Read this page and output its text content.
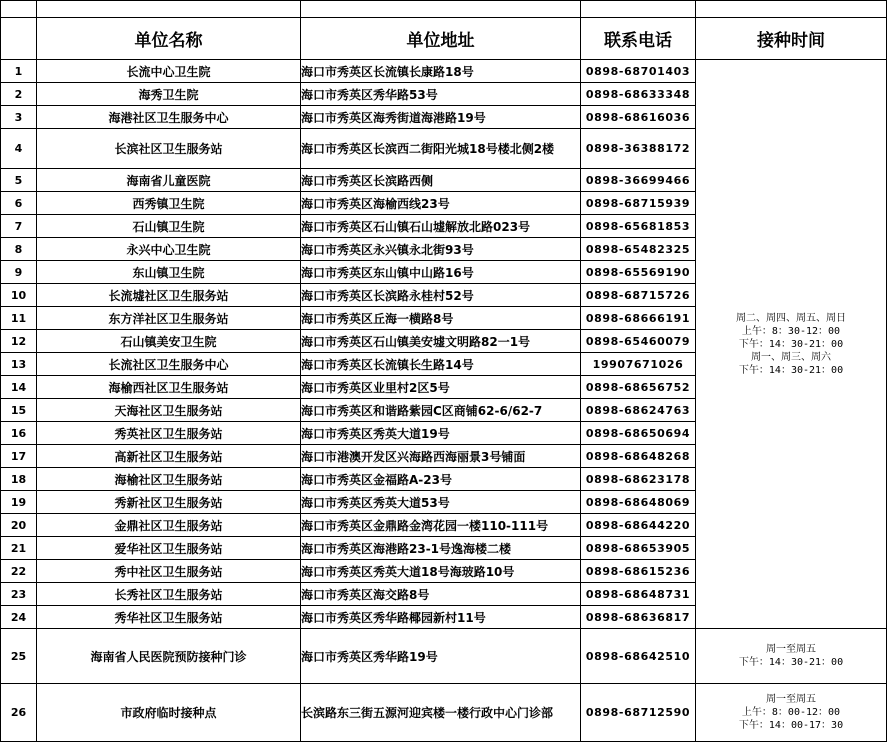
	单位名称	单位地址	联系电话	接种时间
1	长流中心卫生院	海口市秀英区长流镇长康路18号	0898-68701403	周二、周四、周五、周日
上午：8：30-12：00
下午：14：30-21：00
周一、周三、周六
下午：14：30-21：00

2	海秀卫生院	海口市秀英区秀华路53号	0898-68633348	
3	海港社区卫生服务中心	海口市秀英区海秀街道海港路19号	0898-68616036	
4	长滨社区卫生服务站	海口市秀英区长滨西二街阳光城18号楼北侧2楼	0898-36388172	
5	海南省儿童医院	海口市秀英区长滨路西侧	0898-36699466	
6	西秀镇卫生院	海口市秀英区海榆西线23号	0898-68715939	
7	石山镇卫生院	海口市秀英区石山镇石山墟解放北路023号	0898-65681853	
8	永兴中心卫生院	海口市秀英区永兴镇永北街93号	0898-65482325	
9	东山镇卫生院	海口市秀英区东山镇中山路16号	0898-65569190	
10	长流墟社区卫生服务站	海口市秀英区长滨路永桂村52号	0898-68715726	
11	东方洋社区卫生服务站	海口市秀英区丘海一横路8号	0898-68666191	
12	石山镇美安卫生院	海口市秀英区石山镇美安墟文明路82一1号	0898-65460079	
13	长流社区卫生服务中心	海口市秀英区长流镇长生路14号	19907671026	
14	海榆西社区卫生服务站	海口市秀英区业里村2区5号	0898-68656752	
15	天海社区卫生服务站	海口市秀英区和谐路紫园C区商铺62-6/62-7	0898-68624763	
16	秀英社区卫生服务站	海口市秀英区秀英大道19号	0898-68650694	
17	高新社区卫生服务站	海口市港澳开发区兴海路西海丽景3号铺面	0898-68648268	
18	海榆社区卫生服务站	海口市秀英区金福路A-23号	0898-68623178	
19	秀新社区卫生服务站	海口市秀英区秀英大道53号	0898-68648069	
20	金鼎社区卫生服务站	海口市秀英区金鼎路金湾花园一楼110-111号	0898-68644220	
21	爱华社区卫生服务站	海口市秀英区海港路23-1号逸海楼二楼	0898-68653905	
22	秀中社区卫生服务站	海口市秀英区秀英大道18号海玻路10号	0898-68615236	
23	长秀社区卫生服务站	海口市秀英区海交路8号	0898-68648731	
24	秀华社区卫生服务站	海口市秀英区秀华路椰园新村11号	0898-68636817	
25	海南省人民医院预防接种门诊	海口市秀英区秀华路19号	0898-68642510	周一至周五
下午：14：30-21：00

26	市政府临时接种点	长滨路东三街五源河迎宾楼一楼行政中心门诊部	0898-68712590	周一至周五
上午：8：00-12：00
下午：14：00-17：30
